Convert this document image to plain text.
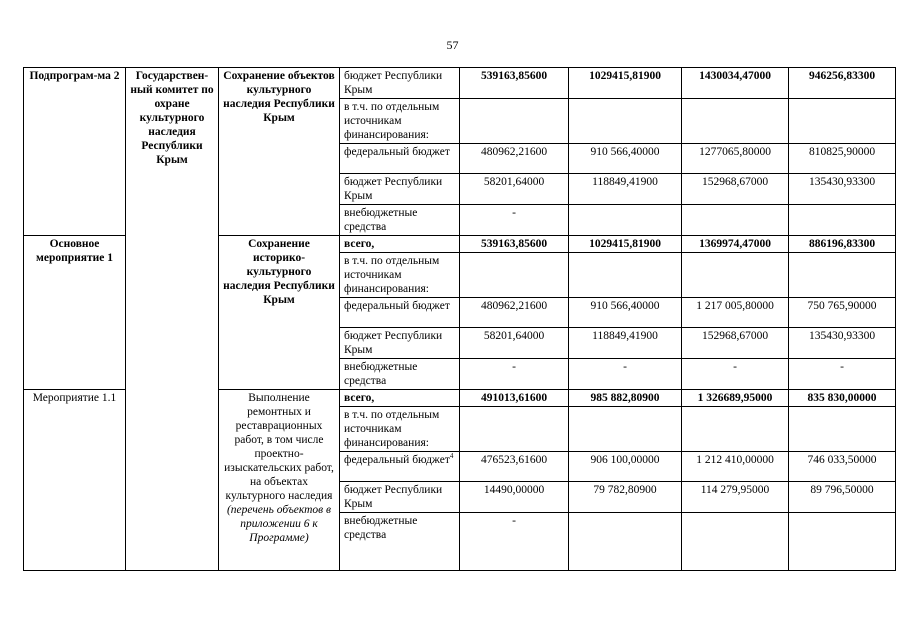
57
Подпрограм-ма 2	Государствен-ный комитет по охране культурного наследия Республики Крым	Сохранение объектов культурного наследия Республики Крым	бюджет Республики Крым	539163,85600	1029415,81900	1430034,47000	946256,83300
			в т.ч. по отдельным источникам финансирования:				
			федеральный бюджет	480962,21600	910 566,40000	1277065,80000	810825,90000
			бюджет Республики Крым	58201,64000	118849,41900	152968,67000	135430,93300
			внебюджетные средства	-			
Основное мероприятие 1		Сохранение историко-культурного наследия Республики Крым	всего,	539163,85600	1029415,81900	1369974,47000	886196,83300
			в т.ч. по отдельным источникам финансирования:				
			федеральный бюджет	480962,21600	910 566,40000	1 217 005,80000	750 765,90000
			бюджет Республики Крым	58201,64000	118849,41900	152968,67000	135430,93300
			внебюджетные средства	-	-	-	-
Мероприятие 1.1		Выполнение ремонтных и реставрационных работ, в том числе проектно-изыскательских работ, на объектах культурного наследия (перечень объектов в приложении 6 к Программе)	всего,	491013,61600	985 882,80900	1 326689,95000	835 830,00000
			в т.ч. по отдельным источникам финансирования:				
			федеральный бюджет$^4$	476523,61600	906 100,00000	1 212 410,00000	746 033,50000
			бюджет Республики Крым	14490,00000	79 782,80900	114 279,95000	89 796,50000
			внебюджетные средства	-			
